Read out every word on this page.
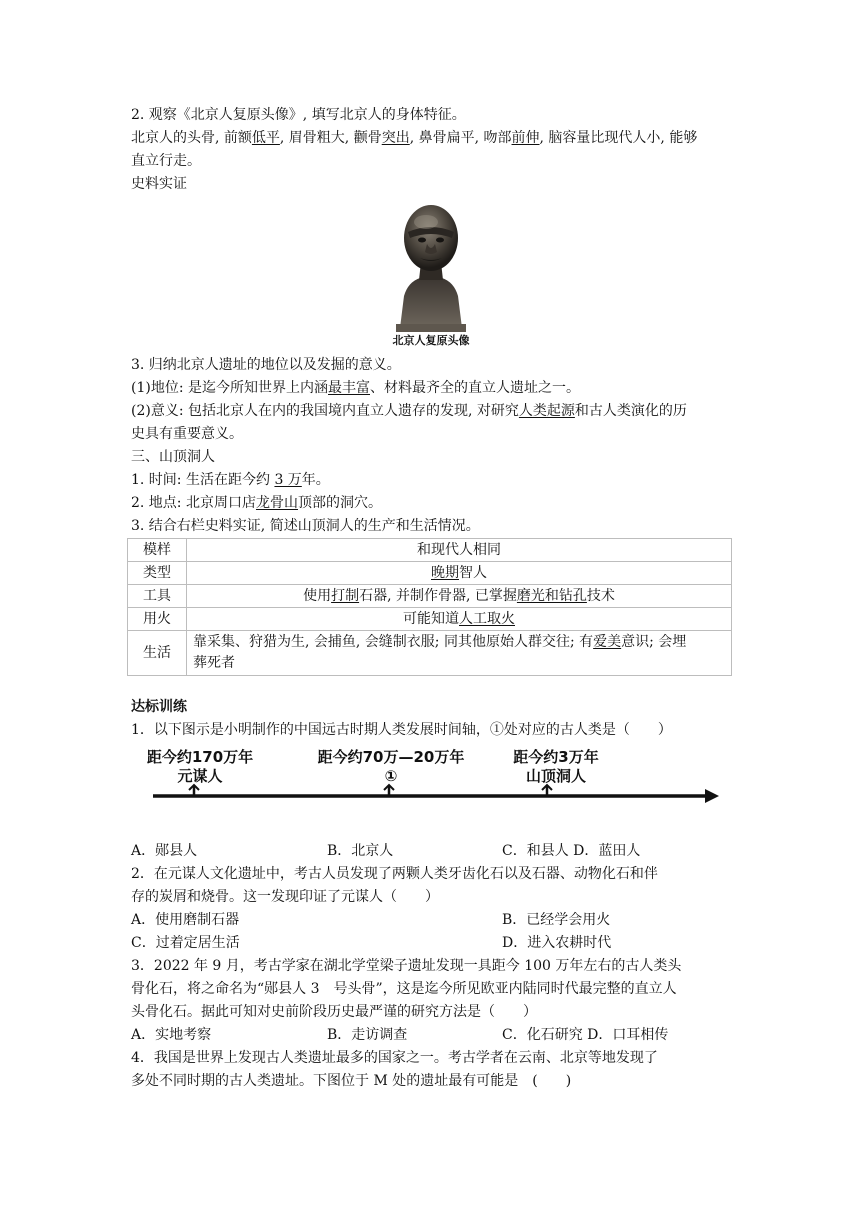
2. 观察《北京人复原头像》, 填写北京人的身体特征。
北京人的头骨, 前额低平, 眉骨粗大, 颧骨突出, 鼻骨扁平, 吻部前伸, 脑容量比现代人小, 能够
直立行走。
史料实证
北京人复原头像
3. 归纳北京人遗址的地位以及发掘的意义。
(1)地位: 是迄今所知世界上内涵最丰富、材料最齐全的直立人遗址之一。
(2)意义: 包括北京人在内的我国境内直立人遗存的发现, 对研究人类起源和古人类演化的历
史具有重要意义。
三、山顶洞人
1. 时间: 生活在距今约 3 万年。
2. 地点: 北京周口店龙骨山顶部的洞穴。
3. 结合右栏史料实证, 简述山顶洞人的生产和生活情况。
模样	和现代人相同
类型	晚期智人
工具	使用打制石器, 并制作骨器, 已掌握磨光和钻孔技术
用火	可能知道人工取火
生活	靠采集、狩猎为生, 会捕鱼, 会缝制衣服; 同其他原始人群交往; 有爱美意识; 会埋
葬死者
达标训练
1．以下图示是小明制作的中国远古时期人类发展时间轴，①处对应的古人类是（　　）
距今约170万年
元谋人
距今约70万—20万年
①
距今约3万年
山顶洞人
A．郧县人	B．北京人	C．和县人 D．蓝田人
2．在元谋人文化遗址中，考古人员发现了两颗人类牙齿化石以及石器、动物化石和伴
存的炭屑和烧骨。这一发现印证了元谋人（　　）
A．使用磨制石器	B．已经学会用火
C．过着定居生活	D．进入农耕时代
3．2022 年 9 月，考古学家在湖北学堂梁子遗址发现一具距今 100 万年左右的古人类头
骨化石，将之命名为“郧县人 3　号头骨”，这是迄今所见欧亚内陆同时代最完整的直立人
头骨化石。据此可知对史前阶段历史最严谨的研究方法是（　　）
A．实地考察	B．走访调查	C．化石研究 D．口耳相传
4．我国是世界上发现古人类遗址最多的国家之一。考古学者在云南、北京等地发现了
多处不同时期的古人类遗址。下图位于 M 处的遗址最有可能是　(　　)
